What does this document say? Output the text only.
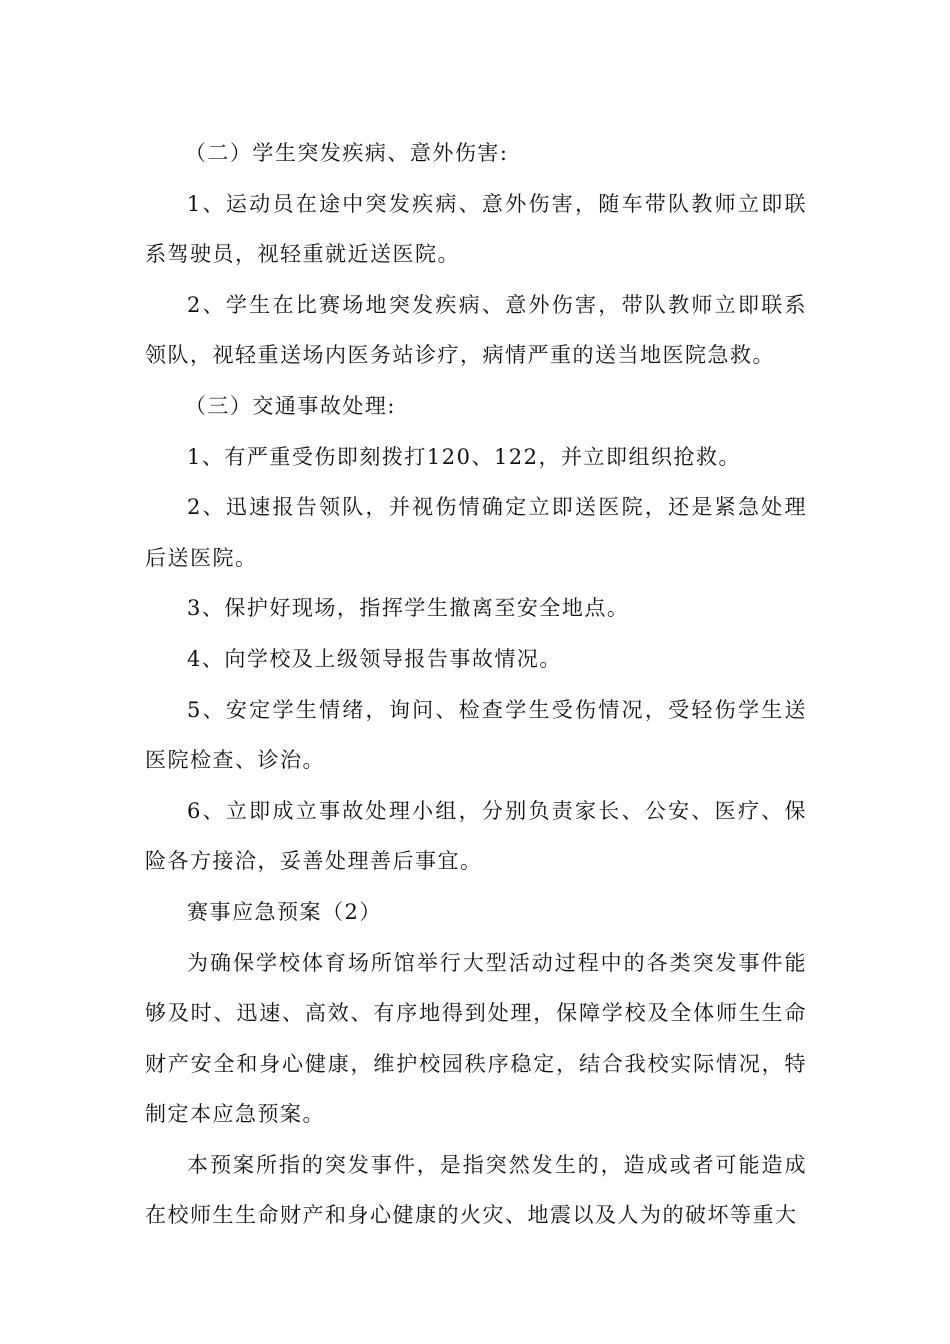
（二）学生突发疾病、意外伤害:

1、运动员在途中突发疾病、意外伤害，随车带队教师立即联系驾驶员，视轻重就近送医院。

2、学生在比赛场地突发疾病、意外伤害，带队教师立即联系领队，视轻重送场内医务站诊疗，病情严重的送当地医院急救。

（三）交通事故处理:

1、有严重受伤即刻拨打120、122，并立即组织抢救。

2、迅速报告领队，并视伤情确定立即送医院，还是紧急处理后送医院。

3、保护好现场，指挥学生撤离至安全地点。

4、向学校及上级领导报告事故情况。

5、安定学生情绪，询问、检查学生受伤情况，受轻伤学生送医院检查、诊治。

6、立即成立事故处理小组，分别负责家长、公安、医疗、保险各方接洽，妥善处理善后事宜。

赛事应急预案（2）

为确保学校体育场所馆举行大型活动过程中的各类突发事件能够及时、迅速、高效、有序地得到处理，保障学校及全体师生生命财产安全和身心健康，维护校园秩序稳定，结合我校实际情况，特制定本应急预案。

本预案所指的突发事件，是指突然发生的，造成或者可能造成在校师生生命财产和身心健康的火灾、地震以及人为的破坏等重大
